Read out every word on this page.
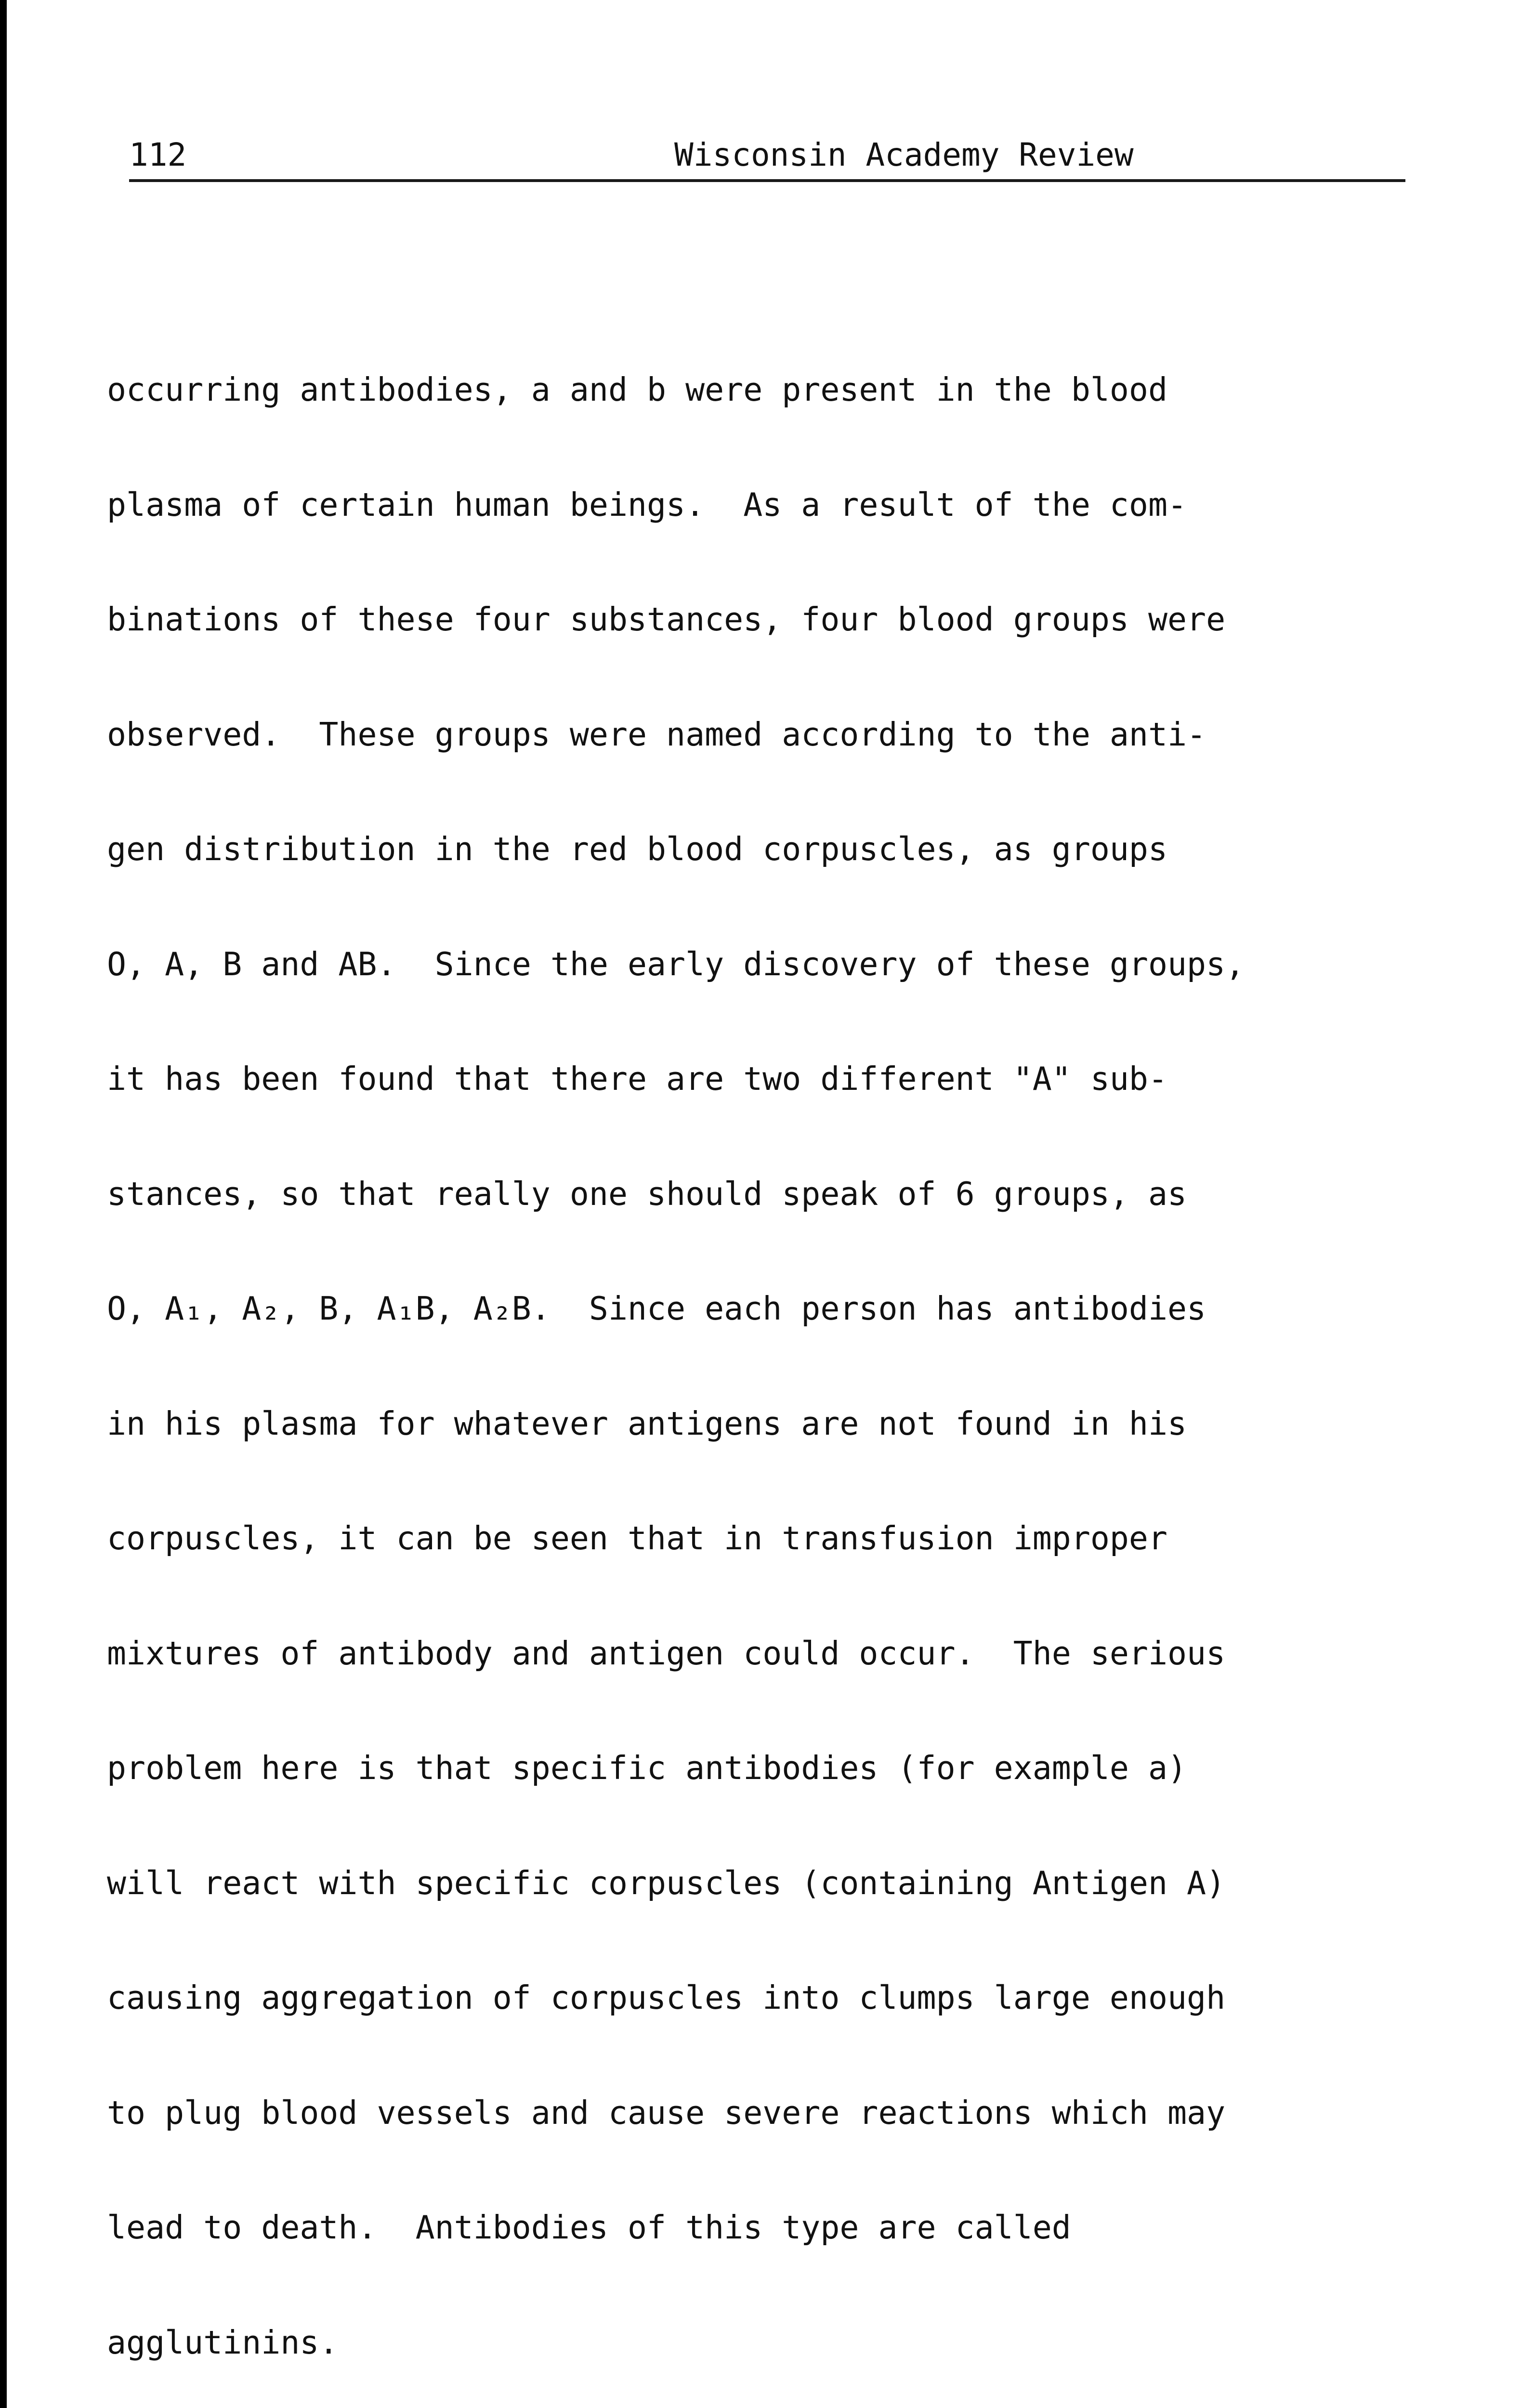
112	Wisconsin Academy Review

occurring antibodies, a and b were present in the blood

plasma of certain human beings.  As a result of the com-

binations of these four substances, four blood groups were

observed.  These groups were named according to the anti-

gen distribution in the red blood corpuscles, as groups

O, A, B and AB.  Since the early discovery of these groups,

it has been found that there are two different "A" sub-

stances, so that really one should speak of 6 groups, as

O, A₁, A₂, B, A₁B, A₂B.  Since each person has antibodies

in his plasma for whatever antigens are not found in his

corpuscles, it can be seen that in transfusion improper

mixtures of antibody and antigen could occur.  The serious

problem here is that specific antibodies (for example a)

will react with specific corpuscles (containing Antigen A)

causing aggregation of corpuscles into clumps large enough

to plug blood vessels and cause severe reactions which may

lead to death.  Antibodies of this type are called

agglutinins.
